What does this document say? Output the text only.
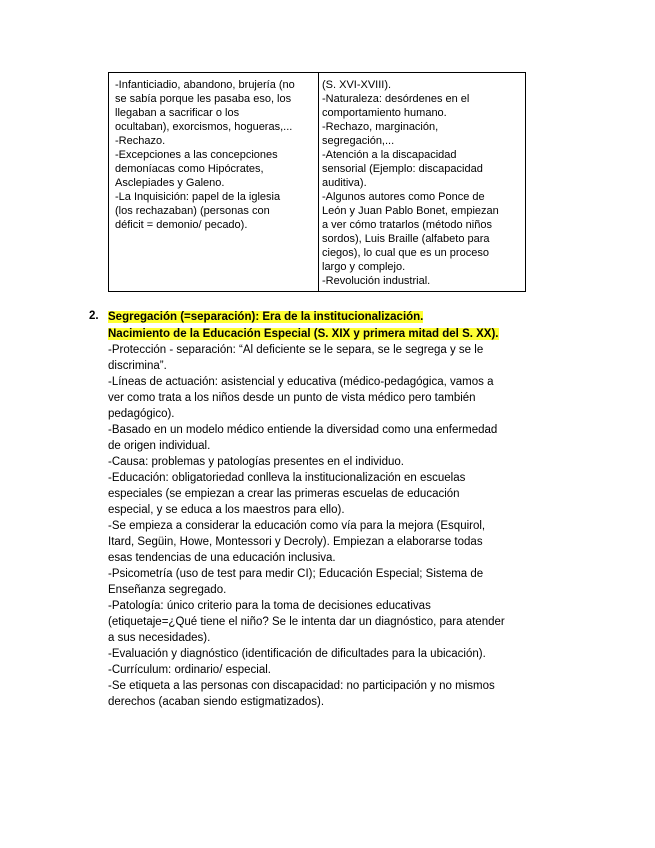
-Infanticiadio, abandono, brujería (no
se sabía porque les pasaba eso, los
llegaban a sacrificar o los
ocultaban), exorcismos, hogueras,...
-Rechazo.
-Excepciones a las concepciones
demoníacas como Hipócrates,
Asclepiades y Galeno.
-La Inquisición: papel de la iglesia
(los rechazaban) (personas con
déficit = demonio/ pecado).
(S. XVI-XVIII).
-Naturaleza: desórdenes en el
comportamiento humano.
-Rechazo, marginación,
segregación,...
-Atención a la discapacidad
sensorial (Ejemplo: discapacidad
auditiva).
-Algunos autores como Ponce de
León y Juan Pablo Bonet, empiezan
a ver cómo tratarlos (método niños
sordos), Luis Braille (alfabeto para
ciegos), lo cual que es un proceso
largo y complejo.
-Revolución industrial.
2. Segregación (=separación): Era de la institucionalización.
Nacimiento de la Educación Especial (S. XIX y primera mitad del S. XX).
-Protección - separación: “Al deficiente se le separa, se le segrega y se le
discrimina”.
-Líneas de actuación: asistencial y educativa (médico-pedagógica, vamos a
ver como trata a los niños desde un punto de vista médico pero también
pedagógico).
-Basado en un modelo médico entiende la diversidad como una enfermedad
de origen individual.
-Causa: problemas y patologías presentes en el individuo.
-Educación: obligatoriedad conlleva la institucionalización en escuelas
especiales (se empiezan a crear las primeras escuelas de educación
especial, y se educa a los maestros para ello).
-Se empieza a considerar la educación como vía para la mejora (Esquirol,
Itard, Següin, Howe, Montessori y Decroly). Empiezan a elaborarse todas
esas tendencias de una educación inclusiva.
-Psicometría (uso de test para medir CI); Educación Especial; Sistema de
Enseñanza segregado.
-Patología: único criterio para la toma de decisiones educativas
(etiquetaje=¿Qué tiene el niño? Se le intenta dar un diagnóstico, para atender
a sus necesidades).
-Evaluación y diagnóstico (identificación de dificultades para la ubicación).
-Currículum: ordinario/ especial.
-Se etiqueta a las personas con discapacidad: no participación y no mismos
derechos (acaban siendo estigmatizados).
